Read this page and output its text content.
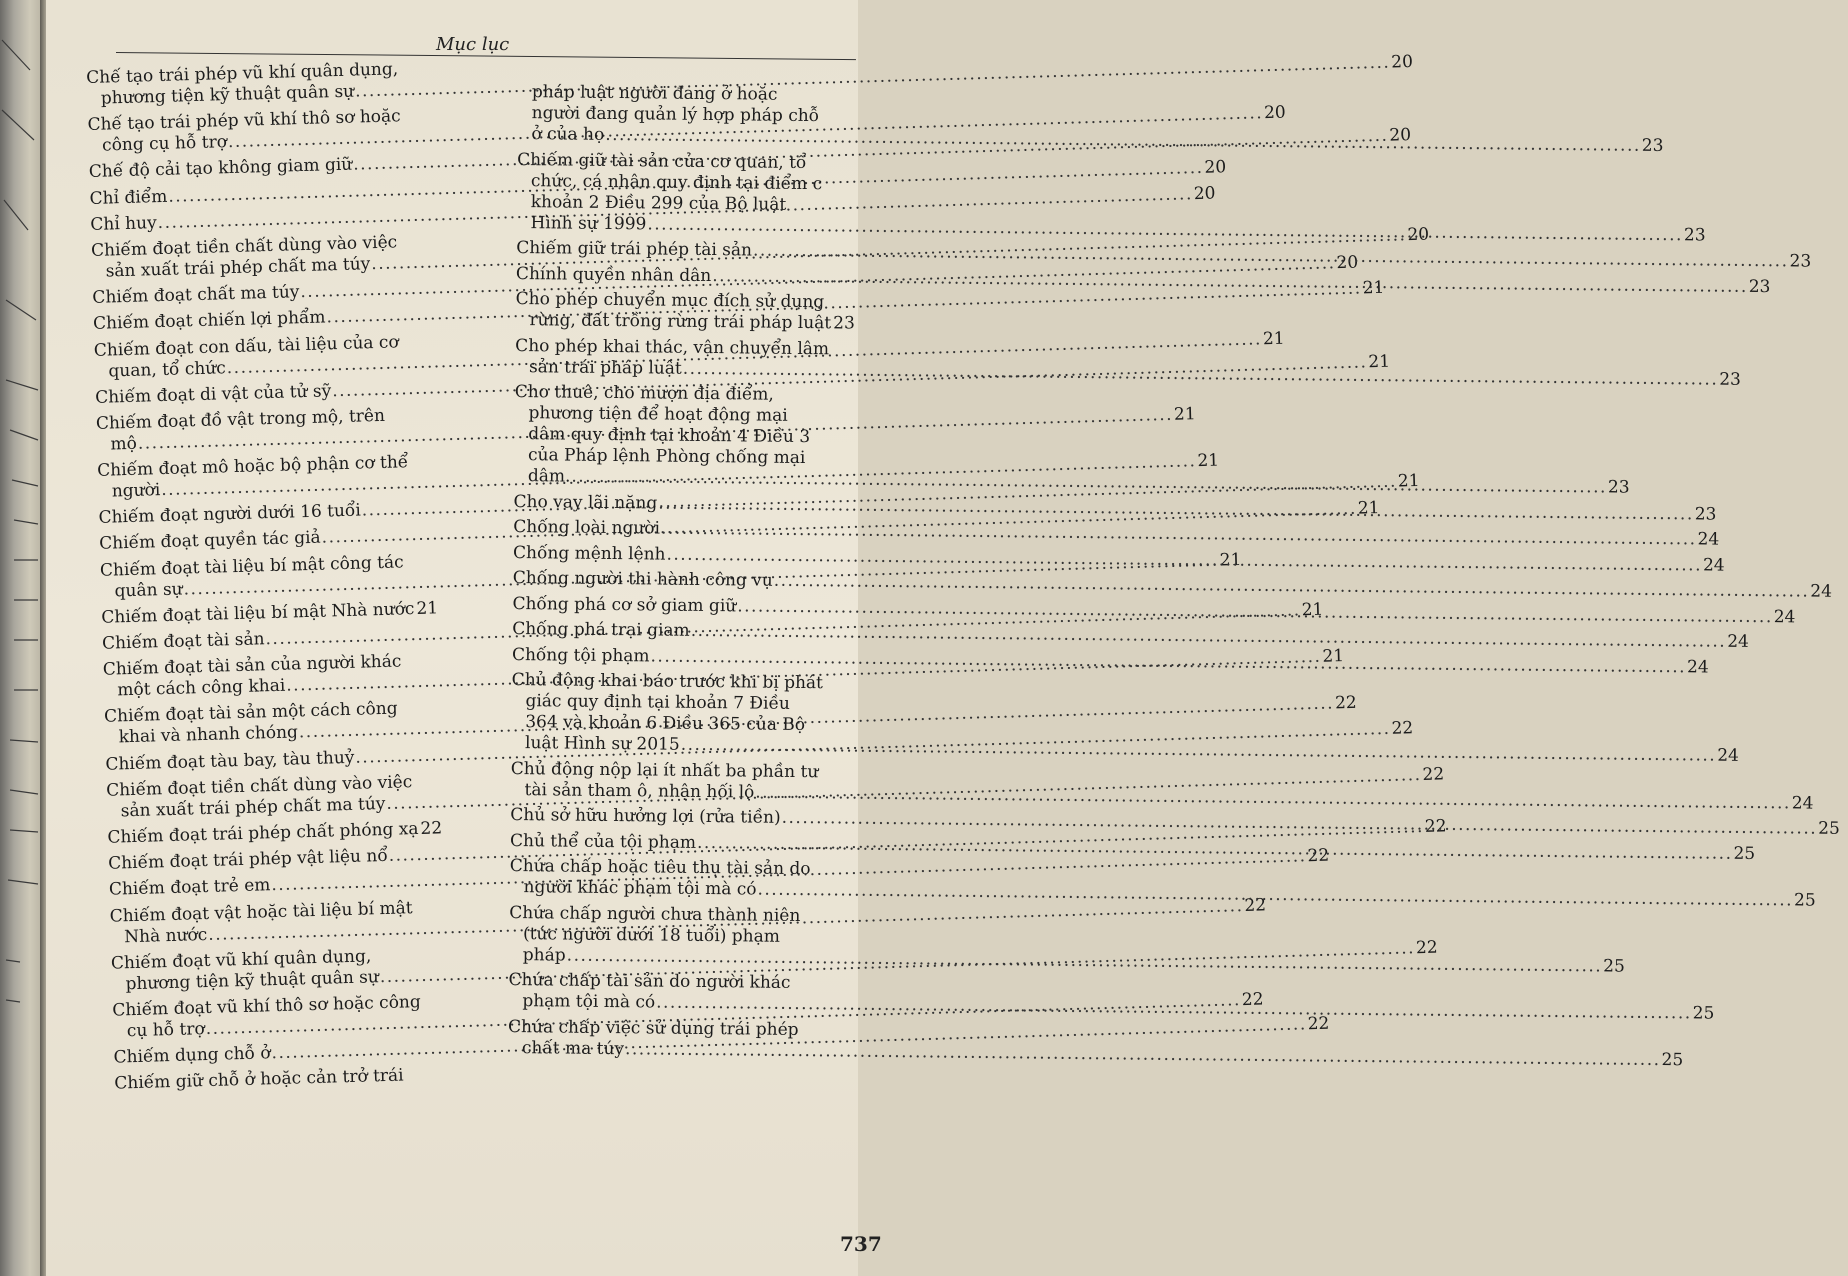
Mục lục
Chế tạo trái phép vũ khí quân dụng,
phương tiện kỹ thuật quân sự
.....
20
Chế tạo trái phép vũ khí thô sơ hoặc
công cụ hỗ trợ
.....
20
Chế độ cải tạo không giam giữ
.....
20
Chỉ điểm
.....
20
Chỉ huy
.....
20
Chiếm đoạt tiền chất dùng vào việc
sản xuất trái phép chất ma túy
.....
20
Chiếm đoạt chất ma túy
.....
20
Chiếm đoạt chiến lợi phẩm
.....
21
Chiếm đoạt con dấu, tài liệu của cơ
quan, tổ chức
.....
21
Chiếm đoạt di vật của tử sỹ
.....
21
Chiếm đoạt đồ vật trong mộ, trên
mộ
.....
21
Chiếm đoạt mô hoặc bộ phận cơ thể
người
.....
21
Chiếm đoạt người dưới 16 tuổi
.....
21
Chiếm đoạt quyền tác giả
.....
21
Chiếm đoạt tài liệu bí mật công tác
quân sự
.....
21
Chiếm đoạt tài liệu bí mật Nhà nước ..... 21
Chiếm đoạt tài sản
.....
21
Chiếm đoạt tài sản của người khác
một cách công khai
.....
21
Chiếm đoạt tài sản một cách công
khai và nhanh chóng
.....
22
Chiếm đoạt tàu bay, tàu thuỷ
.....
22
Chiếm đoạt tiền chất dùng vào việc
sản xuất trái phép chất ma túy
.....
22
Chiếm đoạt trái phép chất phóng xạ ..... 22
Chiếm đoạt trái phép vật liệu nổ
.....
22
Chiếm đoạt trẻ em
.....
22
Chiếm đoạt vật hoặc tài liệu bí mật
Nhà nước
.....
22
Chiếm đoạt vũ khí quân dụng,
phương tiện kỹ thuật quân sự
.....
22
Chiếm đoạt vũ khí thô sơ hoặc công
cụ hỗ trợ
.....
22
Chiếm dụng chỗ ở
.....
22
Chiếm giữ chỗ ở hoặc cản trở trái
pháp luật người đang ở hoặc
người đang quản lý hợp pháp chỗ
ở của họ
.....
23
Chiếm giữ tài sản của cơ quan, tổ
chức, cá nhân quy định tại điểm c
khoản 2 Điều 299 của Bộ luật
Hình sự 1999
.....
23
Chiếm giữ trái phép tài sản
.....
23
Chính quyền nhân dân
.....
23
Cho phép chuyển mục đích sử dụng
rừng, đất trồng rừng trái pháp luật ..... 23
Cho phép khai thác, vận chuyển lâm
sản trái pháp luật
.....
23
Cho thuê, cho mượn địa điểm,
phương tiện để hoạt động mại
dâm quy định tại khoản 4 Điều 3
của Pháp lệnh Phòng chống mại
dâm.
.....
23
Cho vay lãi nặng
.....
23
Chống loài người
.....
24
Chống mệnh lệnh
.....
24
Chống người thi hành công vụ
.....
24
Chống phá cơ sở giam giữ
.....
24
Chống phá trại giam
.....
24
Chống tội phạm
.....
24
Chủ động khai báo trước khi bị phát
giác quy định tại khoản 7 Điều
364 và khoản 6 Điều 365 của Bộ
luật Hình sự 2015
.....
24
Chủ động nộp lại ít nhất ba phần tư
tài sản tham ô, nhận hối lộ
.....
24
Chủ sở hữu hưởng lợi (rửa tiền)
.....
25
Chủ thể của tội phạm
.....
25
Chứa chấp hoặc tiêu thụ tài sản do
người khác phạm tội mà có
.....
25
Chứa chấp người chưa thành niên
(tức người dưới 18 tuổi) phạm
pháp
.....
25
Chứa chấp tài sản do người khác
phạm tội mà có
.....
25
Chứa chấp việc sử dụng trái phép
chất ma túy
.....
25
737
